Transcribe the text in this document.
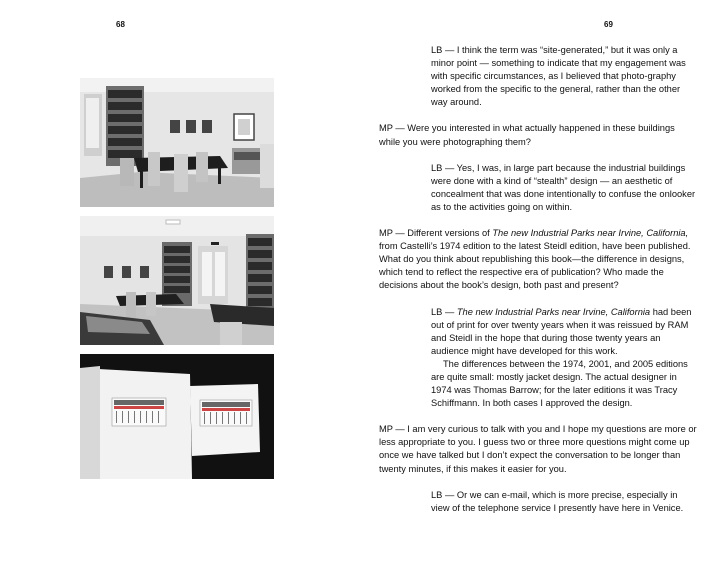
68	69

LB — I think the term was “site-generated,” but it was only a minor point — something to indicate that my engagement was with specific circumstances, as I believed that photo-graphy worked from the specific to the general, rather than the other way around.

MP — Were you interested in what actually happened in these buildings while you were photographing them?

LB — Yes, I was, in large part because the industrial buildings were done with a kind of “stealth” design — an aesthetic of concealment that was done intentionally to confuse the onlooker as to the activities going on within.

MP — Different versions of The new Industrial Parks near Irvine, California, from Castelli’s 1974 edition to the latest Steidl edition, have been published. What do you think about republishing this book—the difference in designs, which tend to reflect the respective era of publication? Who made the decisions about the book’s design, both past and present?

LB — The new Industrial Parks near Irvine, California had been out of print for over twenty years when it was reissued by RAM and Steidl in the hope that during those twenty years an audience might have developed for this work.

The differences between the 1974, 2001, and 2005 editions are quite small: mostly jacket design. The actual designer in 1974 was Thomas Barrow; for the later editions it was Tracy Schiffmann. In both cases I approved the design.

MP — I am very curious to talk with you and I hope my questions are more or less appropriate to you. I guess two or three more questions might come up once we have talked but I don’t expect the conversation to be longer than twenty minutes, if this makes it easier for you.

LB — Or we can e-mail, which is more precise, especially in view of the telephone service I presently have here in Venice.
